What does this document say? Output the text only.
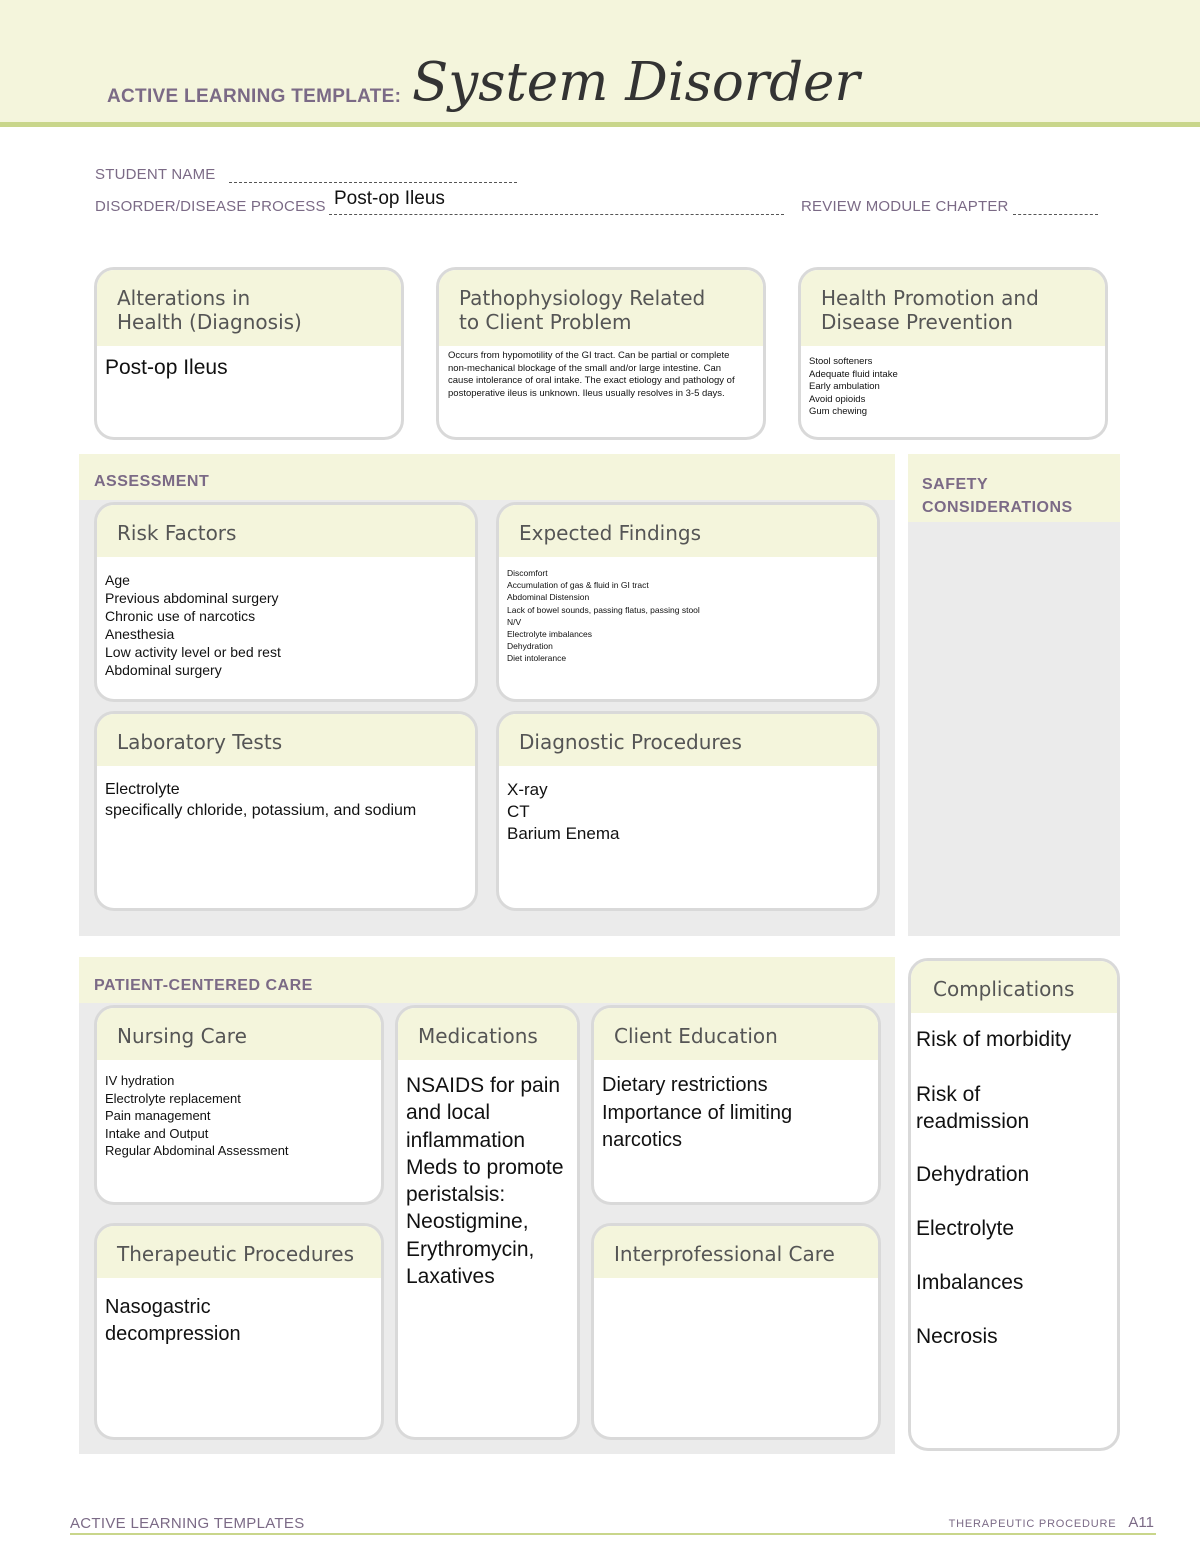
ACTIVE LEARNING TEMPLATE: System Disorder
STUDENT NAME
DISORDER/DISEASE PROCESS Post-op Ileus	REVIEW MODULE CHAPTER
Alterations in
Health (Diagnosis)
Post-op Ileus
Pathophysiology Related
to Client Problem
Occurs from hypomotility of the GI tract. Can be partial or complete non-mechanical blockage of the small and/or large intestine. Can cause intolerance of oral intake. The exact etiology and pathology of postoperative ileus is unknown. Ileus usually resolves in 3-5 days.
Health Promotion and
Disease Prevention
Stool softeners
Adequate fluid intake
Early ambulation
Avoid opioids
Gum chewing
ASSESSMENT
Risk Factors
Age
Previous abdominal surgery
Chronic use of narcotics
Anesthesia
Low activity level or bed rest
Abdominal surgery
Expected Findings
Discomfort
Accumulation of gas & fluid in GI tract
Abdominal Distension
Lack of bowel sounds, passing flatus, passing stool
N/V
Electrolyte imbalances
Dehydration
Diet intolerance
Laboratory Tests
Electrolyte
specifically chloride, potassium, and sodium
Diagnostic Procedures
X-ray
CT
Barium Enema
SAFETY
CONSIDERATIONS
PATIENT-CENTERED CARE
Nursing Care
IV hydration
Electrolyte replacement
Pain management
Intake and Output
Regular Abdominal Assessment
Medications
NSAIDS for pain and local inflammation
Meds to promote peristalsis: Neostigmine, Erythromycin, Laxatives
Client Education
Dietary restrictions
Importance of limiting narcotics
Therapeutic Procedures
Nasogastric decompression
Interprofessional Care
Complications
Risk of morbidity
Risk of readmission
Dehydration
Electrolyte
Imbalances
Necrosis
ACTIVE LEARNING TEMPLATES	THERAPEUTIC PROCEDURE A11
